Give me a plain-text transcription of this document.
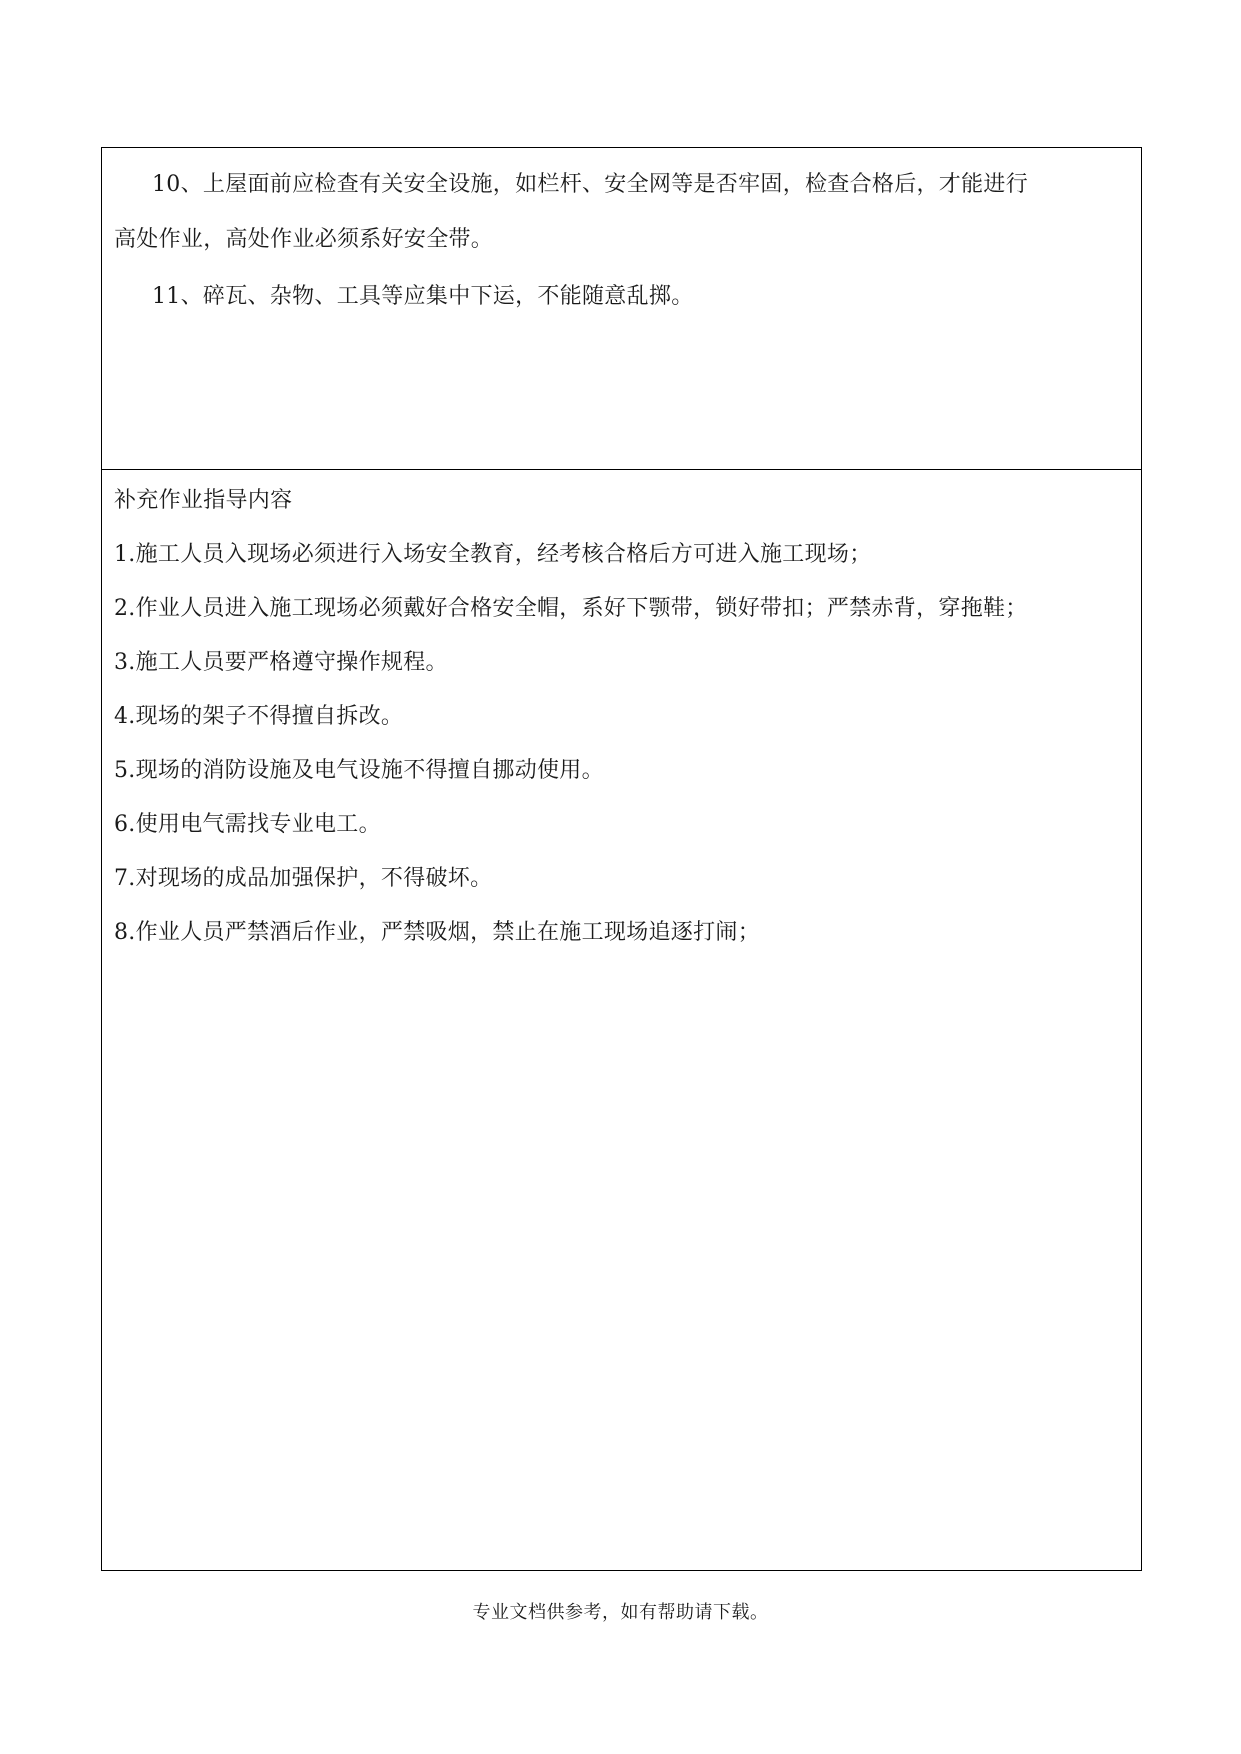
10、上屋面前应检查有关安全设施，如栏杆、安全网等是否牢固，检查合格后，才能进行
高处作业，高处作业必须系好安全带。
11、碎瓦、杂物、工具等应集中下运，不能随意乱掷。
补充作业指导内容
1.施工人员入现场必须进行入场安全教育，经考核合格后方可进入施工现场；
2.作业人员进入施工现场必须戴好合格安全帽，系好下颚带，锁好带扣；严禁赤背，穿拖鞋；
3.施工人员要严格遵守操作规程。
4.现场的架子不得擅自拆改。
5.现场的消防设施及电气设施不得擅自挪动使用。
6.使用电气需找专业电工。
7.对现场的成品加强保护，不得破坏。
8.作业人员严禁酒后作业，严禁吸烟，禁止在施工现场追逐打闹；
专业文档供参考，如有帮助请下载。
